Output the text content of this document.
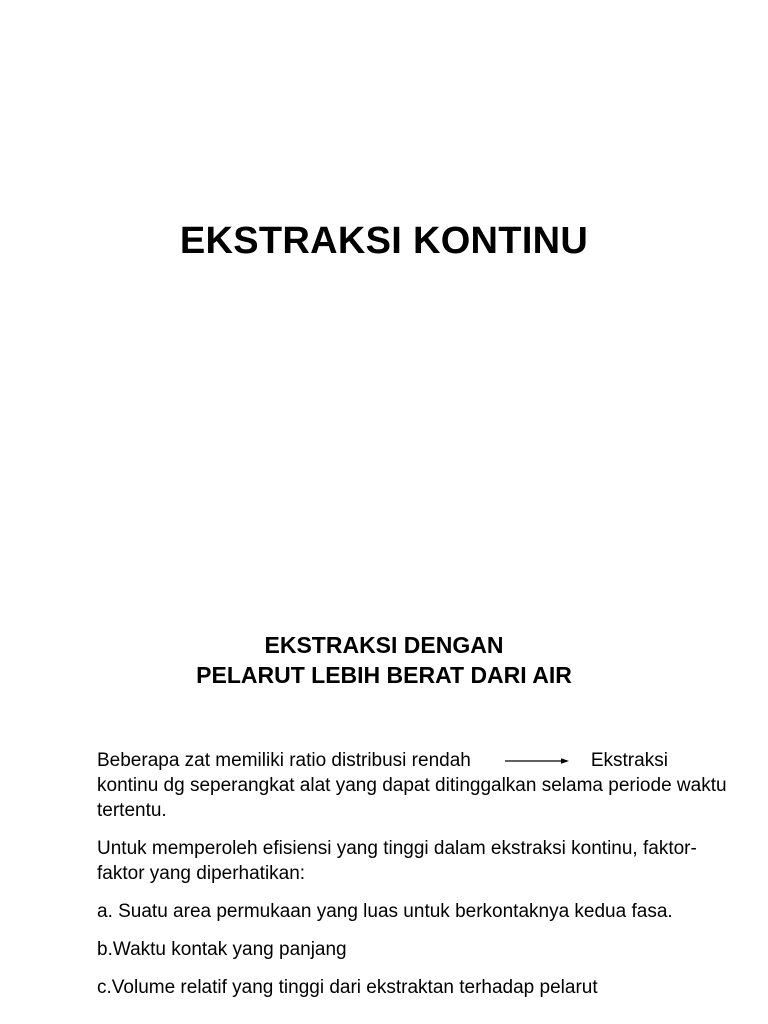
EKSTRAKSI KONTINU
EKSTRAKSI DENGAN
PELARUT LEBIH BERAT DARI AIR
Beberapa zat memiliki ratio distribusi rendah	Ekstraksi
kontinu dg seperangkat alat yang dapat ditinggalkan selama periode waktu tertentu.

Untuk memperoleh efisiensi yang tinggi dalam ekstraksi kontinu, faktor-faktor yang diperhatikan:

a. Suatu area permukaan yang luas untuk berkontaknya kedua fasa.

b.Waktu kontak yang panjang

c.Volume relatif yang tinggi dari ekstraktan terhadap pelarut
